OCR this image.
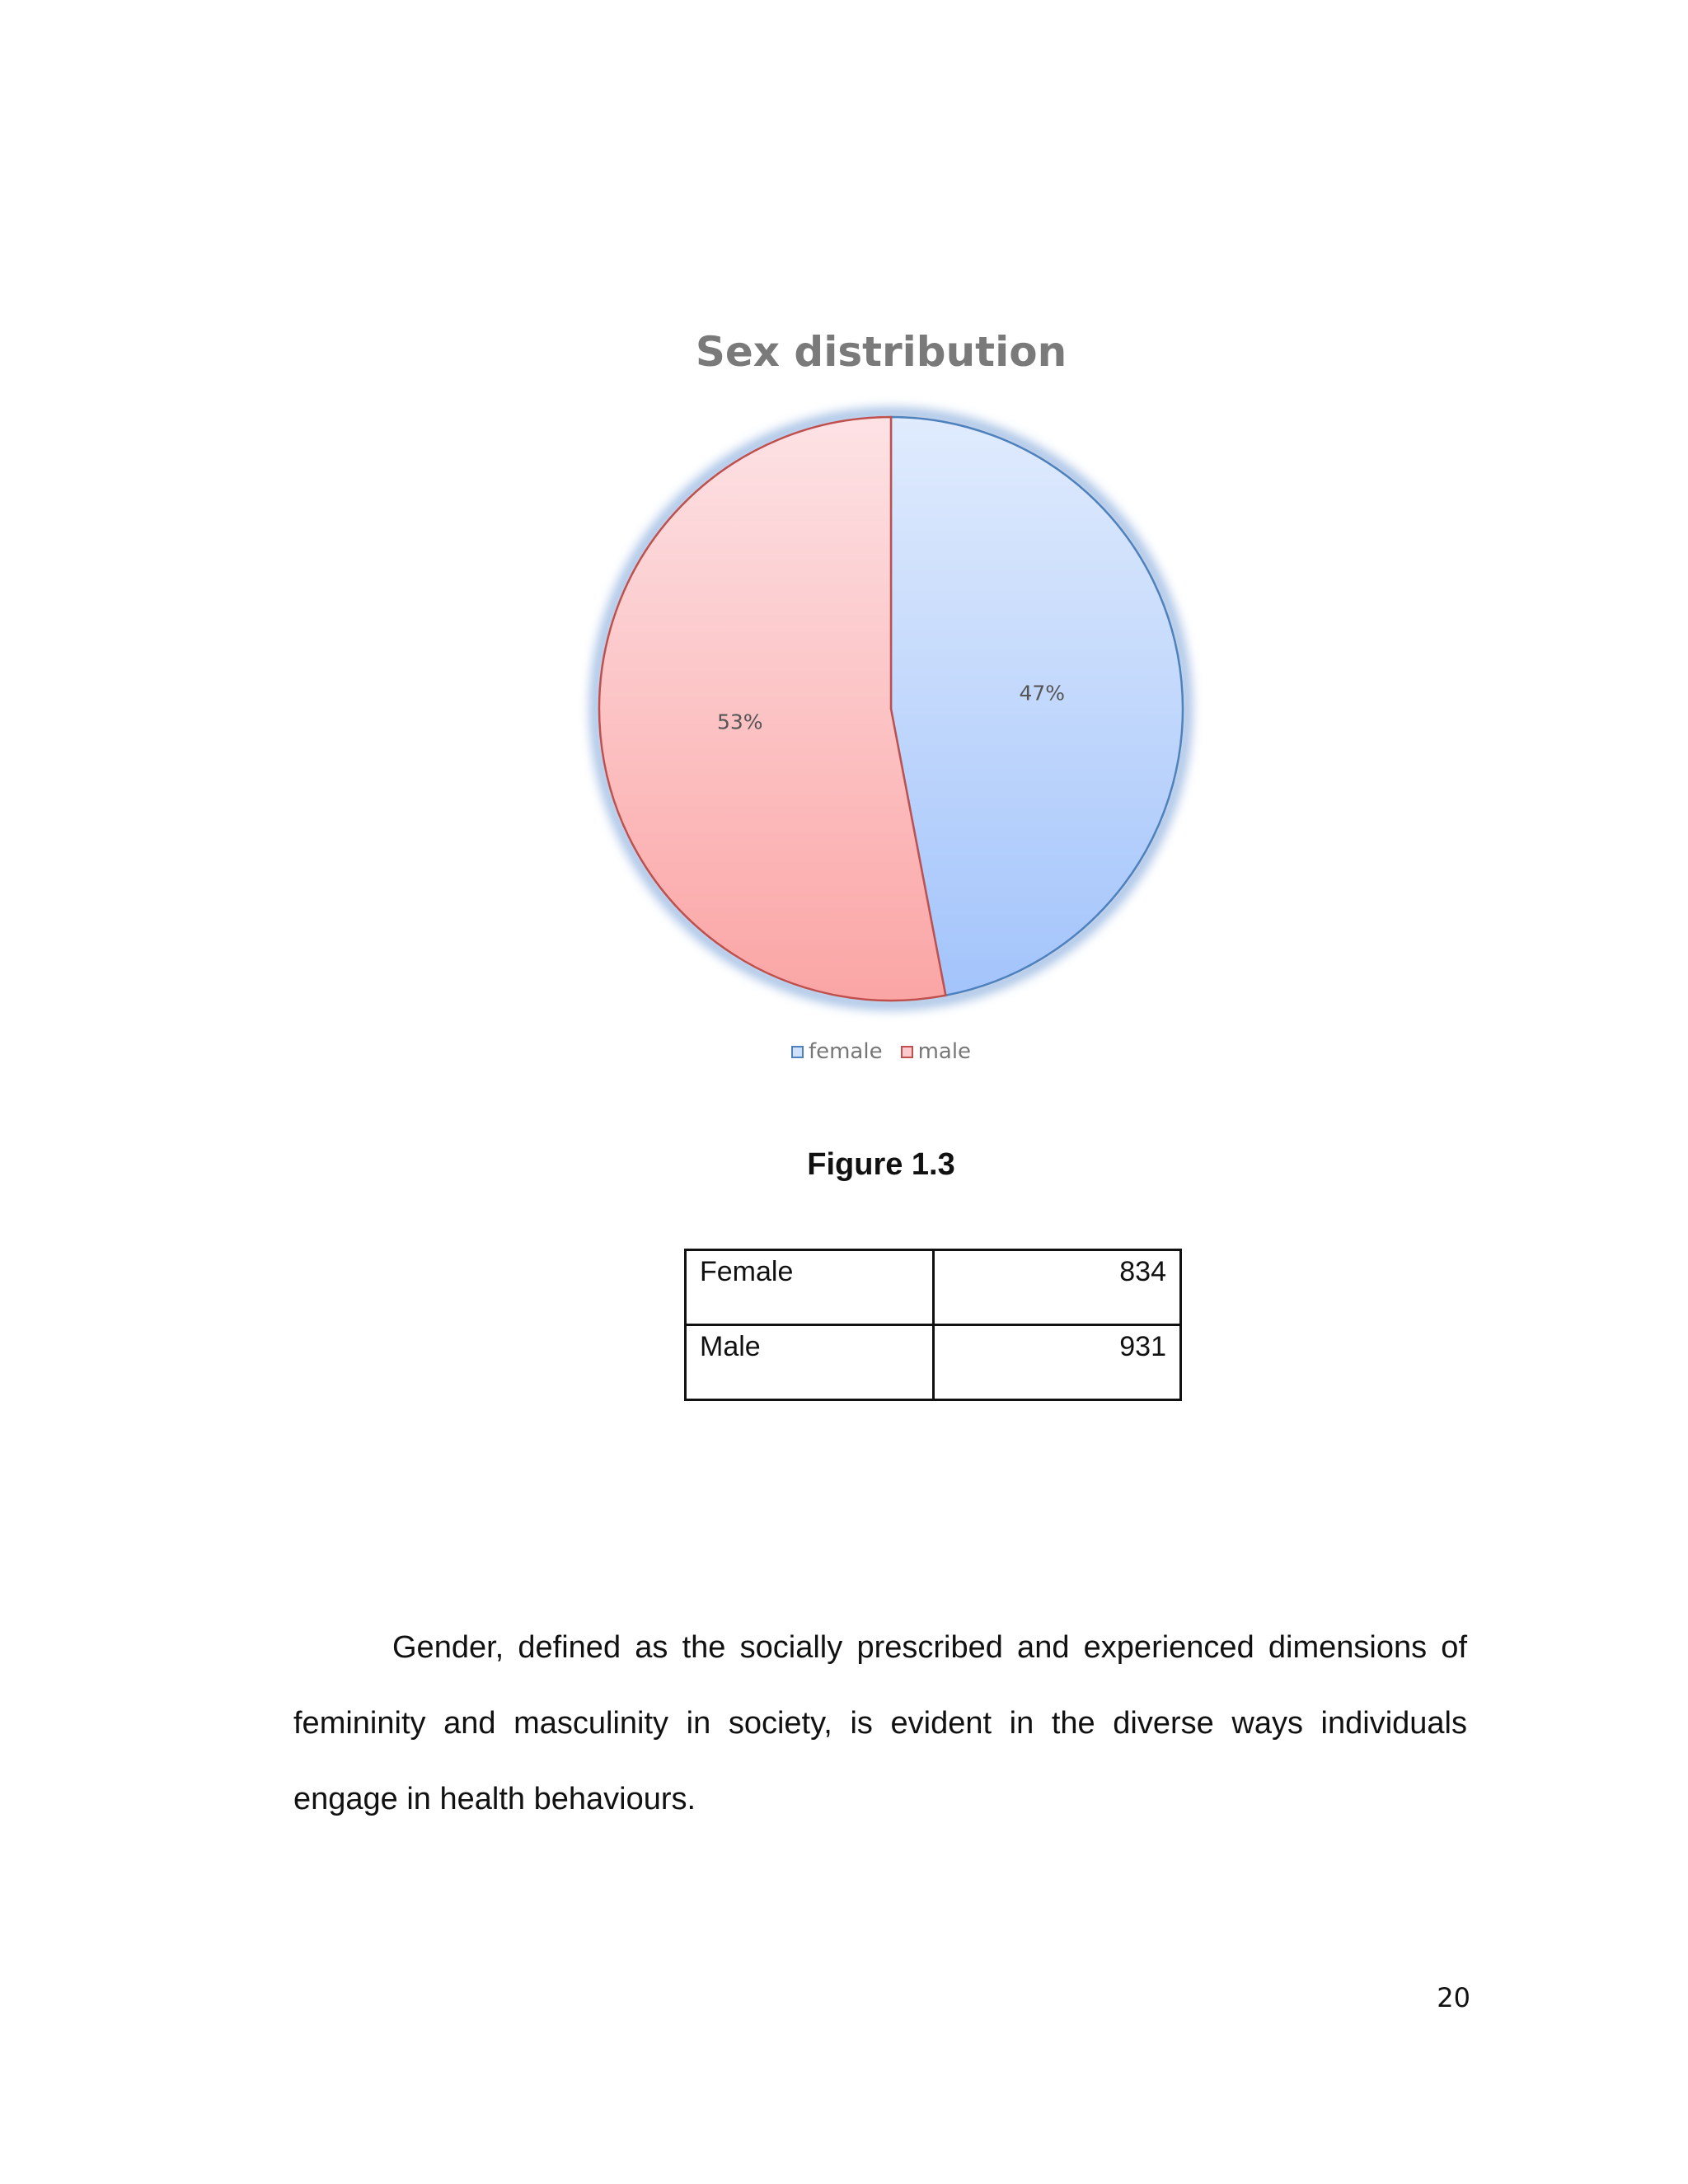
Sex distribution
47%
53%
female male

Figure 1.3

Female	834
Male	931

Gender, defined as the socially prescribed and experienced dimensions of femininity and masculinity in society, is evident in the diverse ways individuals engage in health behaviours.

20
